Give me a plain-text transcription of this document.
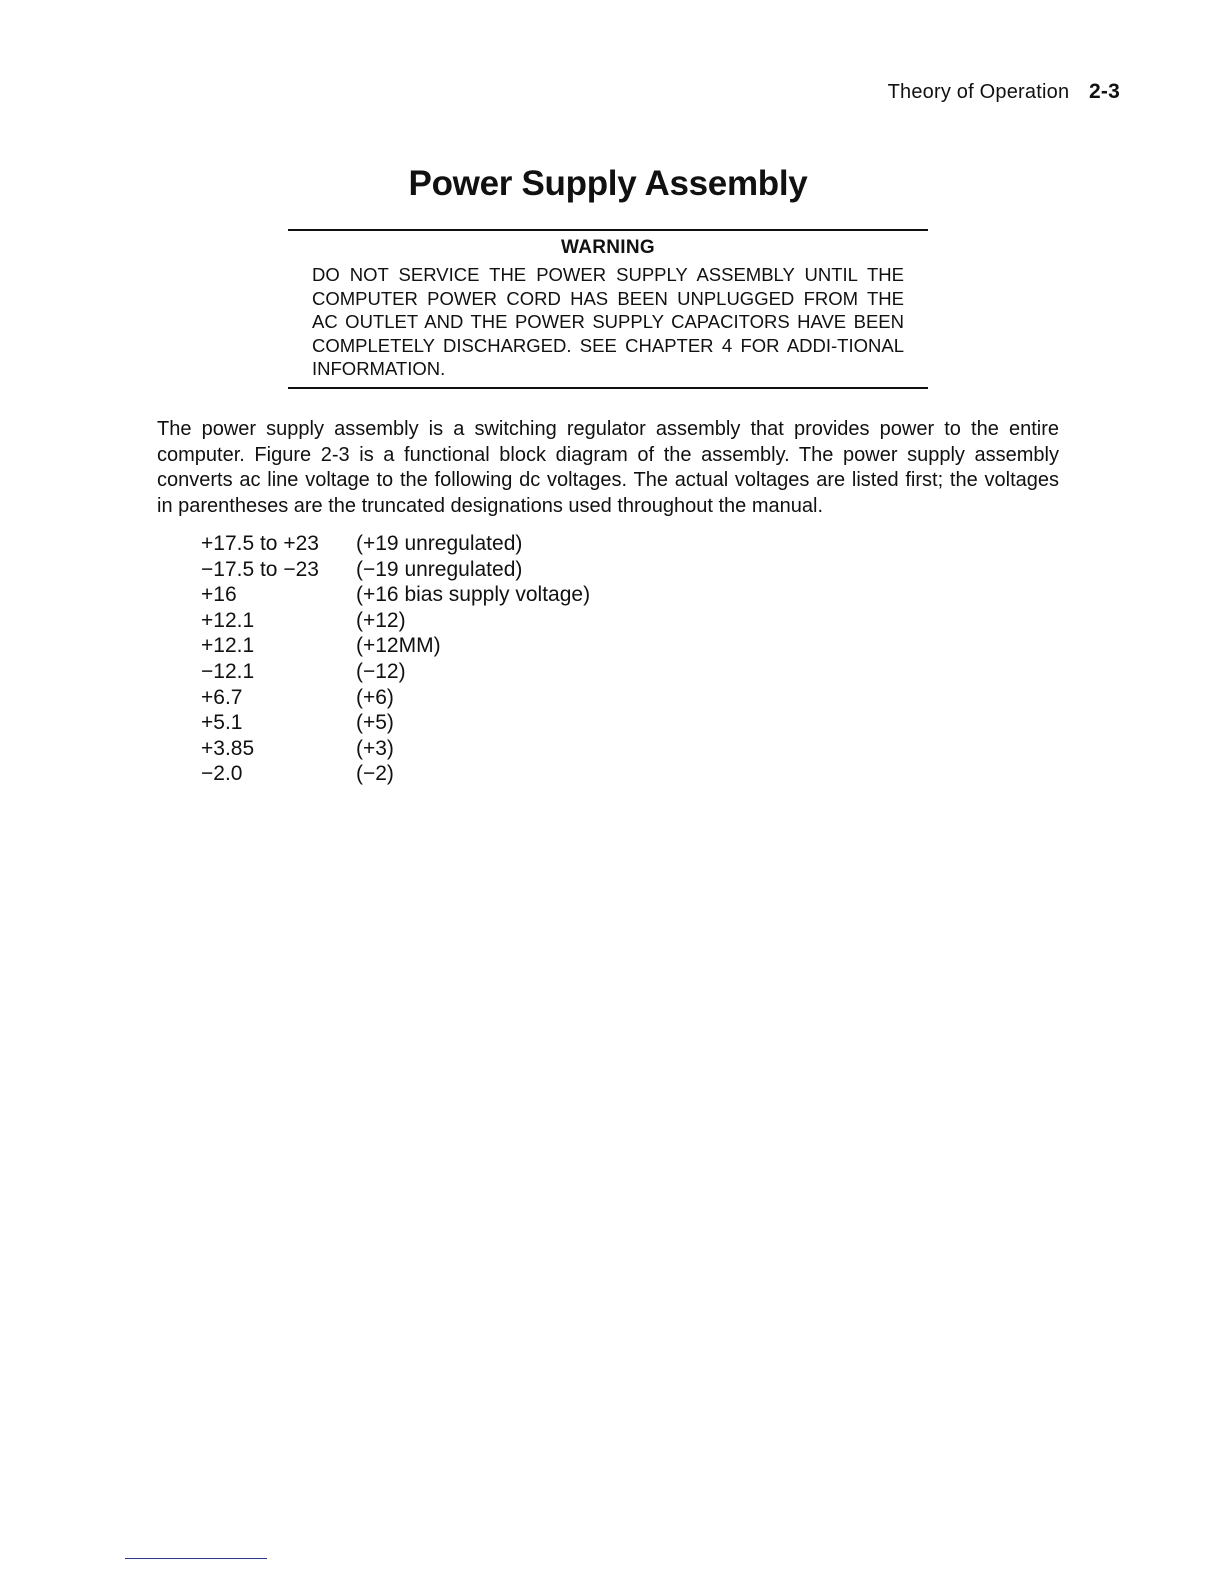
Theory of Operation 2-3
Power Supply Assembly
WARNING

DO NOT SERVICE THE POWER SUPPLY ASSEMBLY UNTIL THE COMPUTER POWER CORD HAS BEEN UNPLUGGED FROM THE AC OUTLET AND THE POWER SUPPLY CAPACITORS HAVE BEEN COMPLETELY DISCHARGED. SEE CHAPTER 4 FOR ADDI-TIONAL INFORMATION.

The power supply assembly is a switching regulator assembly that provides power to the entire computer. Figure 2-3 is a functional block diagram of the assembly. The power supply assembly converts ac line voltage to the following dc voltages. The actual voltages are listed first; the voltages in parentheses are the truncated designations used throughout the manual.

+17.5 to +23	(+19 unregulated)
−17.5 to −23	(−19 unregulated)
+16	(+16 bias supply voltage)
+12.1	(+12)
+12.1	(+12MM)
−12.1	(−12)
+6.7	(+6)
+5.1	(+5)
+3.85	(+3)
−2.0	(−2)
